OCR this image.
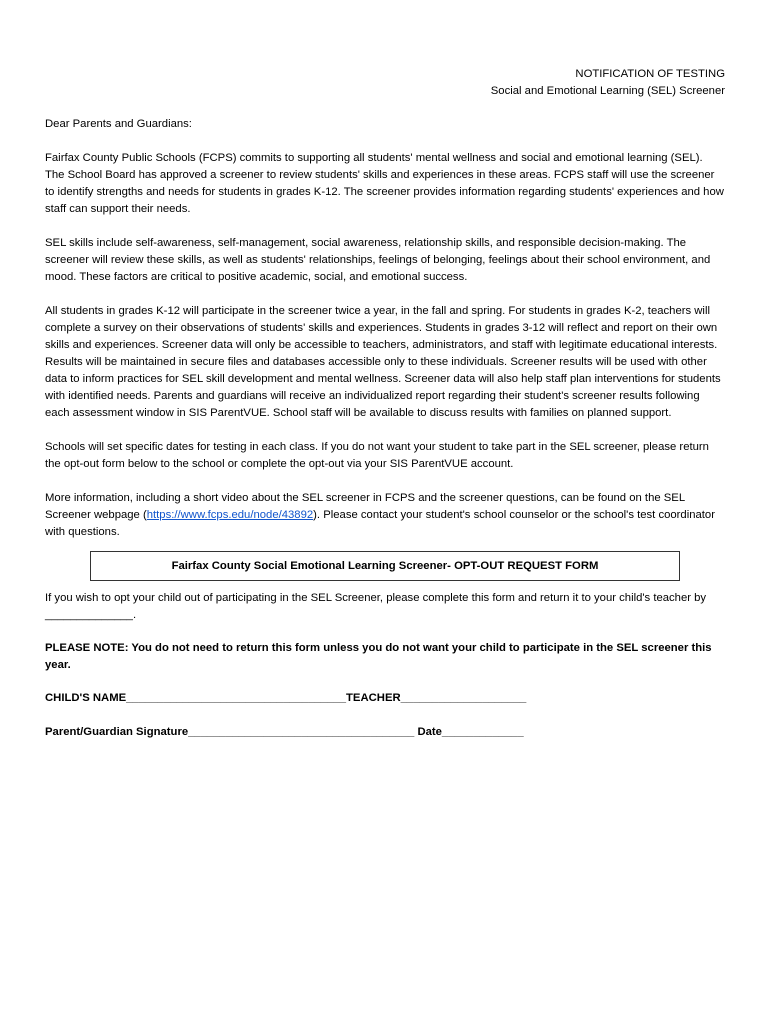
NOTIFICATION OF TESTING
Social and Emotional Learning (SEL) Screener

Dear Parents and Guardians:

Fairfax County Public Schools (FCPS) commits to supporting all students' mental wellness and social and emotional learning (SEL). The School Board has approved a screener to review students' skills and experiences in these areas. FCPS staff will use the screener to identify strengths and needs for students in grades K-12. The screener provides information regarding students' experiences and how staff can support their needs.

SEL skills include self-awareness, self-management, social awareness, relationship skills, and responsible decision-making. The screener will review these skills, as well as students' relationships, feelings of belonging, feelings about their school environment, and mood. These factors are critical to positive academic, social, and emotional success.

All students in grades K-12 will participate in the screener twice a year, in the fall and spring. For students in grades K-2, teachers will complete a survey on their observations of students' skills and experiences. Students in grades 3-12 will reflect and report on their own skills and experiences. Screener data will only be accessible to teachers, administrators, and staff with legitimate educational interests. Results will be maintained in secure files and databases accessible only to these individuals. Screener results will be used with other data to inform practices for SEL skill development and mental wellness. Screener data will also help staff plan interventions for students with identified needs. Parents and guardians will receive an individualized report regarding their student's screener results following each assessment window in SIS ParentVUE. School staff will be available to discuss results with families on planned support.

Schools will set specific dates for testing in each class. If you do not want your student to take part in the SEL screener, please return the opt-out form below to the school or complete the opt-out via your SIS ParentVUE account.

More information, including a short video about the SEL screener in FCPS and the screener questions, can be found on the SEL Screener webpage (https://www.fcps.edu/node/43892). Please contact your student's school counselor or the school's test coordinator with questions.

Fairfax County Social Emotional Learning Screener- OPT-OUT REQUEST FORM

If you wish to opt your child out of participating in the SEL Screener, please complete this form and return it to your child's teacher by ______________.

PLEASE NOTE: You do not need to return this form unless you do not want your child to participate in the SEL screener this year.

CHILD'S NAME___________________________________TEACHER____________________
Parent/Guardian Signature____________________________________ Date_____________
